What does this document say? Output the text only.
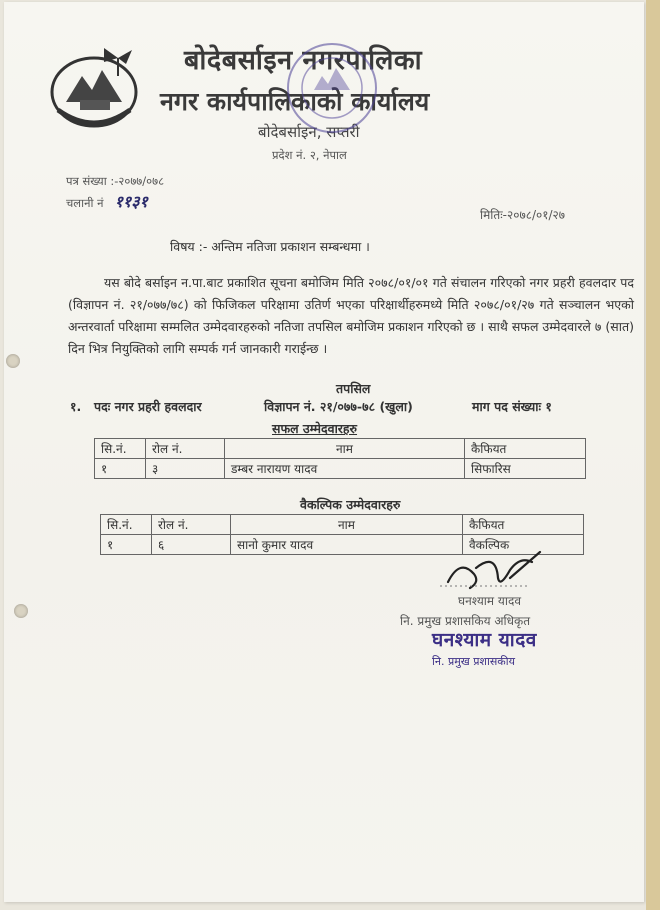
बोदेबर्साइन नगरपालिका
नगर कार्यपालिकाको कार्यालय
बोदेबर्साइन, सप्तरी
प्रदेश नं. २, नेपाल
पत्र संख्या :-२०७७/०७८
चलानी नं ११३१
मितिः-२०७८/०१/२७
विषय :- अन्तिम नतिजा प्रकाशन सम्बन्धमा ।
यस बोदे बर्साइन न.पा.बाट प्रकाशित सूचना बमोजिम मिति २०७८/०१/०१ गते संचालन गरिएको नगर प्रहरी हवलदार पद (विज्ञापन नं. २१/०७७/७८) को फिजिकल परिक्षामा उतिर्ण भएका परिक्षार्थीहरुमध्ये मिति २०७८/०१/२७ गते सञ्चालन भएको अन्तरवार्ता परिक्षामा सम्मलित उम्मेदवारहरुको नतिजा तपसिल बमोजिम प्रकाशन गरिएको छ । साथै सफल उम्मेदवारले ७ (सात) दिन भित्र नियुक्तिको लागि सम्पर्क गर्न जानकारी गराईन्छ ।
तपसिल
१. पदः नगर प्रहरी हवलदार	विज्ञापन नं. २१/०७७-७८ (खुला)	माग पद संख्याः १
सफल उम्मेदवारहरु
सि.नं.	रोल नं.	नाम	कैफियत
१	३	डम्बर नारायण यादव	सिफारिस
वैकल्पिक उम्मेदवारहरु
सि.नं.	रोल नं.	नाम	कैफियत
१	६	सानो कुमार यादव	वैकल्पिक
घनश्याम यादव
नि. प्रमुख प्रशासकिय अधिकृत
घनश्याम यादव
नि. प्रमुख प्रशासकीय
